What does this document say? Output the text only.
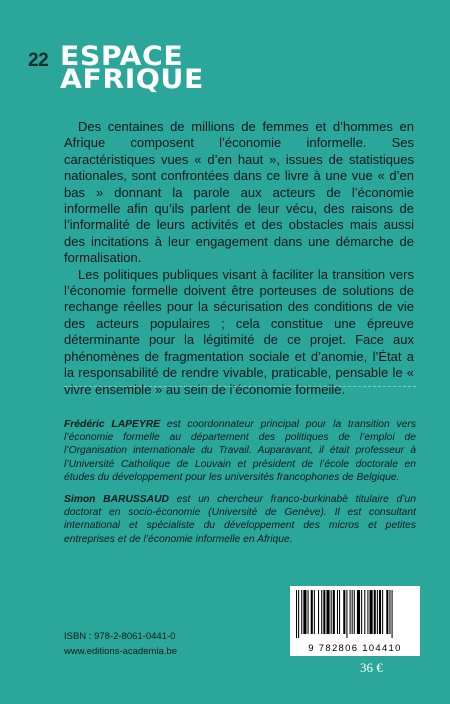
22 ESPACE
AFRIQUE

Des centaines de millions de femmes et d’hommes en Afrique composent l’économie informelle. Ses caractéristiques vues « d’en haut », issues de statistiques nationales, sont confrontées dans ce livre à une vue « d’en bas » donnant la parole aux acteurs de l’économie informelle afin qu’ils parlent de leur vécu, des raisons de l’informalité de leurs activités et des obstacles mais aussi des incitations à leur engagement dans une démarche de formalisation.

Les politiques publiques visant à faciliter la transition vers l’économie formelle doivent être porteuses de solutions de rechange réelles pour la sécurisation des conditions de vie des acteurs populaires ; cela constitue une épreuve déterminante pour la légitimité de ce projet. Face aux phénomènes de fragmentation sociale et d’anomie, l’État a la responsabilité de rendre vivable, praticable, pensable le « vivre ensemble » au sein de l’économie formelle.

Frédéric LAPEYRE est coordonnateur principal pour la transition vers l’économie formelle au département des politiques de l’emploi de l’Organisation internationale du Travail. Auparavant, il était professeur à l’Université Catholique de Louvain et président de l’école doctorale en études du développement pour les universités francophones de Belgique.

Simon BARUSSAUD est un chercheur franco-burkinabè titulaire d’un doctorat en socio-économie (Université de Genève). Il est consultant international et spécialiste du développement des micros et petites entreprises et de l’économie informelle en Afrique.

9 782806 104410
ISBN : 978-2-8061-0441-0
www.editions-academia.be
36 €
